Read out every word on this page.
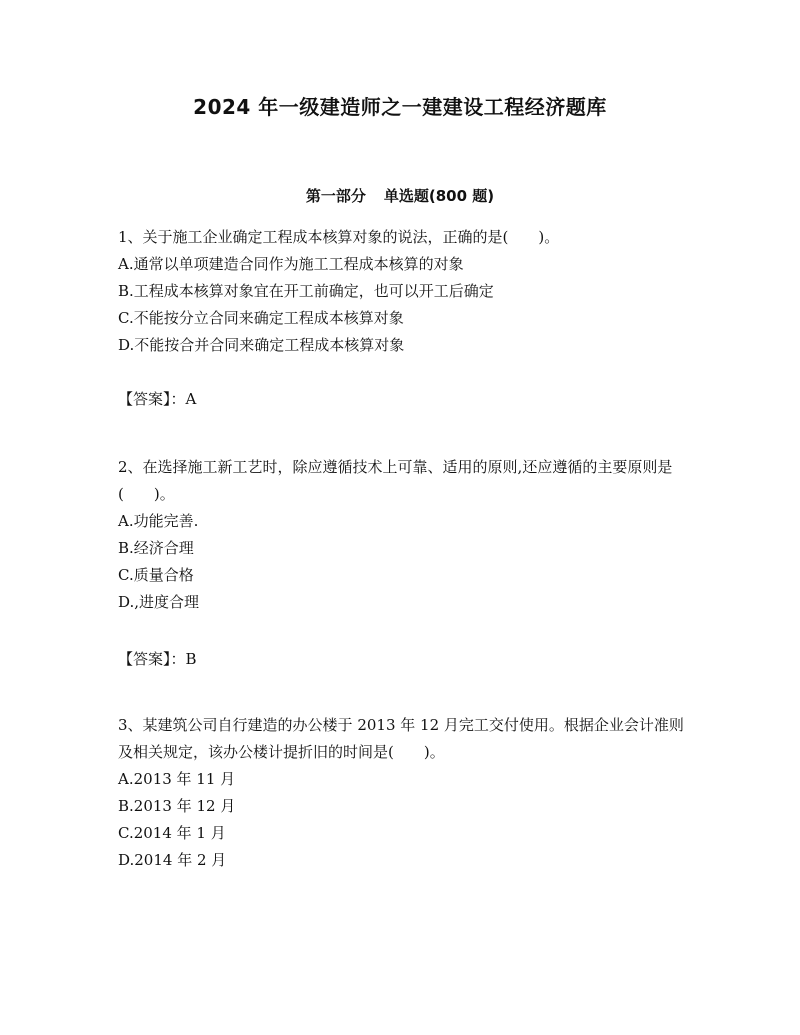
2024 年一级建造师之一建建设工程经济题库
第一部分 单选题(800 题)

1、关于施工企业确定工程成本核算对象的说法，正确的是(　　)。

A.通常以单项建造合同作为施工工程成本核算的对象

B.工程成本核算对象宜在开工前确定，也可以开工后确定

C.不能按分立合同来确定工程成本核算对象

D.不能按合并合同来确定工程成本核算对象

【答案】：A

2、在选择施工新工艺时，除应遵循技术上可靠、适用的原则,还应遵循的主要原则是(　　)。

A.功能完善.

B.经济合理

C.质量合格

D.,进度合理

【答案】：B

3、某建筑公司自行建造的办公楼于 2013 年 12 月完工交付使用。根据企业会计准则及相关规定，该办公楼计提折旧的时间是(　　)。

A.2013 年 11 月

B.2013 年 12 月

C.2014 年 1 月

D.2014 年 2 月
